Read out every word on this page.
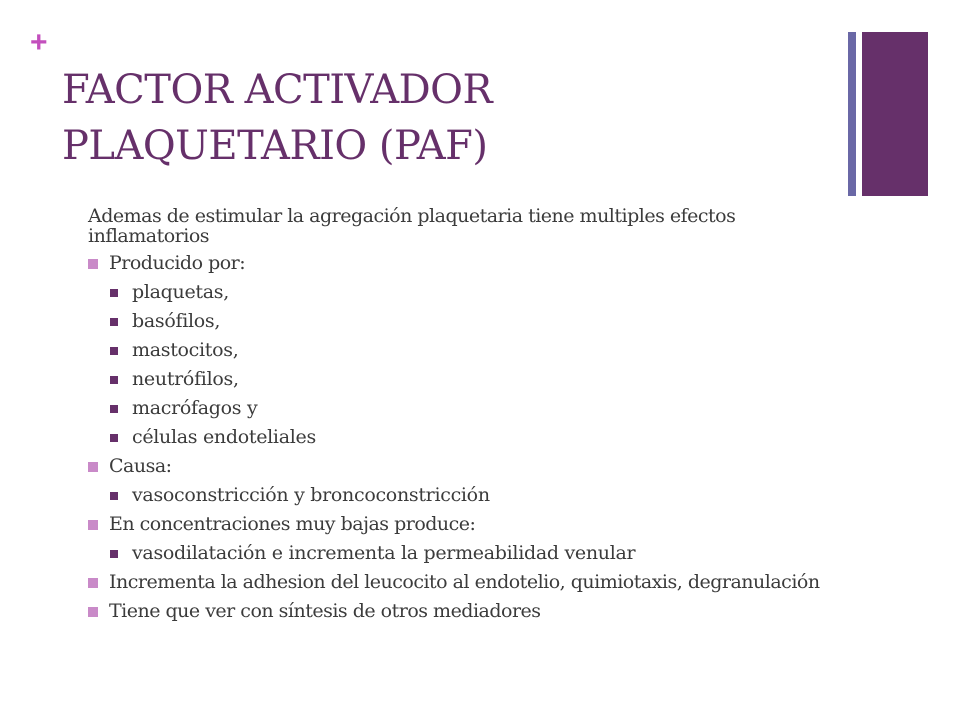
+
FACTOR ACTIVADOR
PLAQUETARIO (PAF)
Ademas de estimular la agregación plaquetaria tiene multiples efectos inflamatorios
Producido por:
plaquetas,
basófilos,
mastocitos,
neutrófilos,
macrófagos y
células endoteliales
Causa:
vasoconstricción y broncoconstricción
En concentraciones muy bajas produce:
vasodilatación e incrementa la permeabilidad venular
Incrementa la adhesion del leucocito al endotelio, quimiotaxis, degranulación
Tiene que ver con síntesis de otros mediadores
